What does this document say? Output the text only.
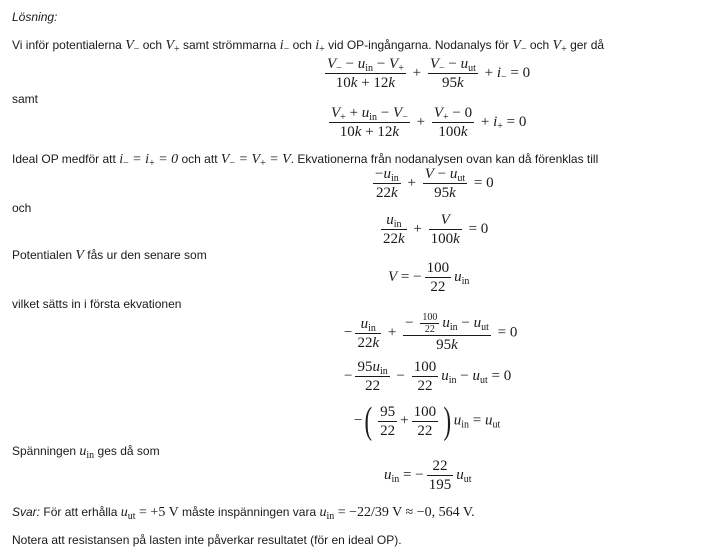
Lösning:
Vi inför potentialerna $V_-$ och $V_+$ samt strömmarna $i_-$ och $i_+$ vid OP-ingångarna. Nodanalys för $V_-$ och $V_+$ ger då
$\frac{V_- - u_{in} - V_+}{10k + 12k} + \frac{V_- - u_{ut}}{95k} + i_- = 0$
samt
$\frac{V_+ + u_{in} - V_-}{10k + 12k} + \frac{V_+ - 0}{100k} + i_+ = 0$
Ideal OP medför att $i_- = i_+ = 0$ och att $V_- = V_+ = V$. Ekvationerna från nodanalysen ovan kan då förenklas till
$\frac{-u_{in}}{22k} + \frac{V - u_{ut}}{95k} = 0$
och
$\frac{u_{in}}{22k} + \frac{V}{100k} = 0$
Potentialen V fås ur den senare som
V = − $\frac{100}{22} u_{in}$
vilket sätts in i första ekvationen
− $\frac{u_{in}}{22k} + \frac{- \frac{100}{22} u_{in} - u_{ut}}{95k} = 0$
− $\frac{95u_{in}}{22} - \frac{100}{22} u_{in} - u_{ut} = 0$
−( $\frac{95}{22} + \frac{100}{22}$ ) $u_{in} = u_{ut}$
Spänningen $u_{in}$ ges då som
$u_{in}$ = − $\frac{22}{195} u_{ut}$
Svar: För att erhålla $u_{ut} = +5$ V måste inspänningen vara $u_{in} = -22/39$ V ≈ −0, 564 V.
Notera att resistansen på lasten inte påverkar resultatet (för en ideal OP).
